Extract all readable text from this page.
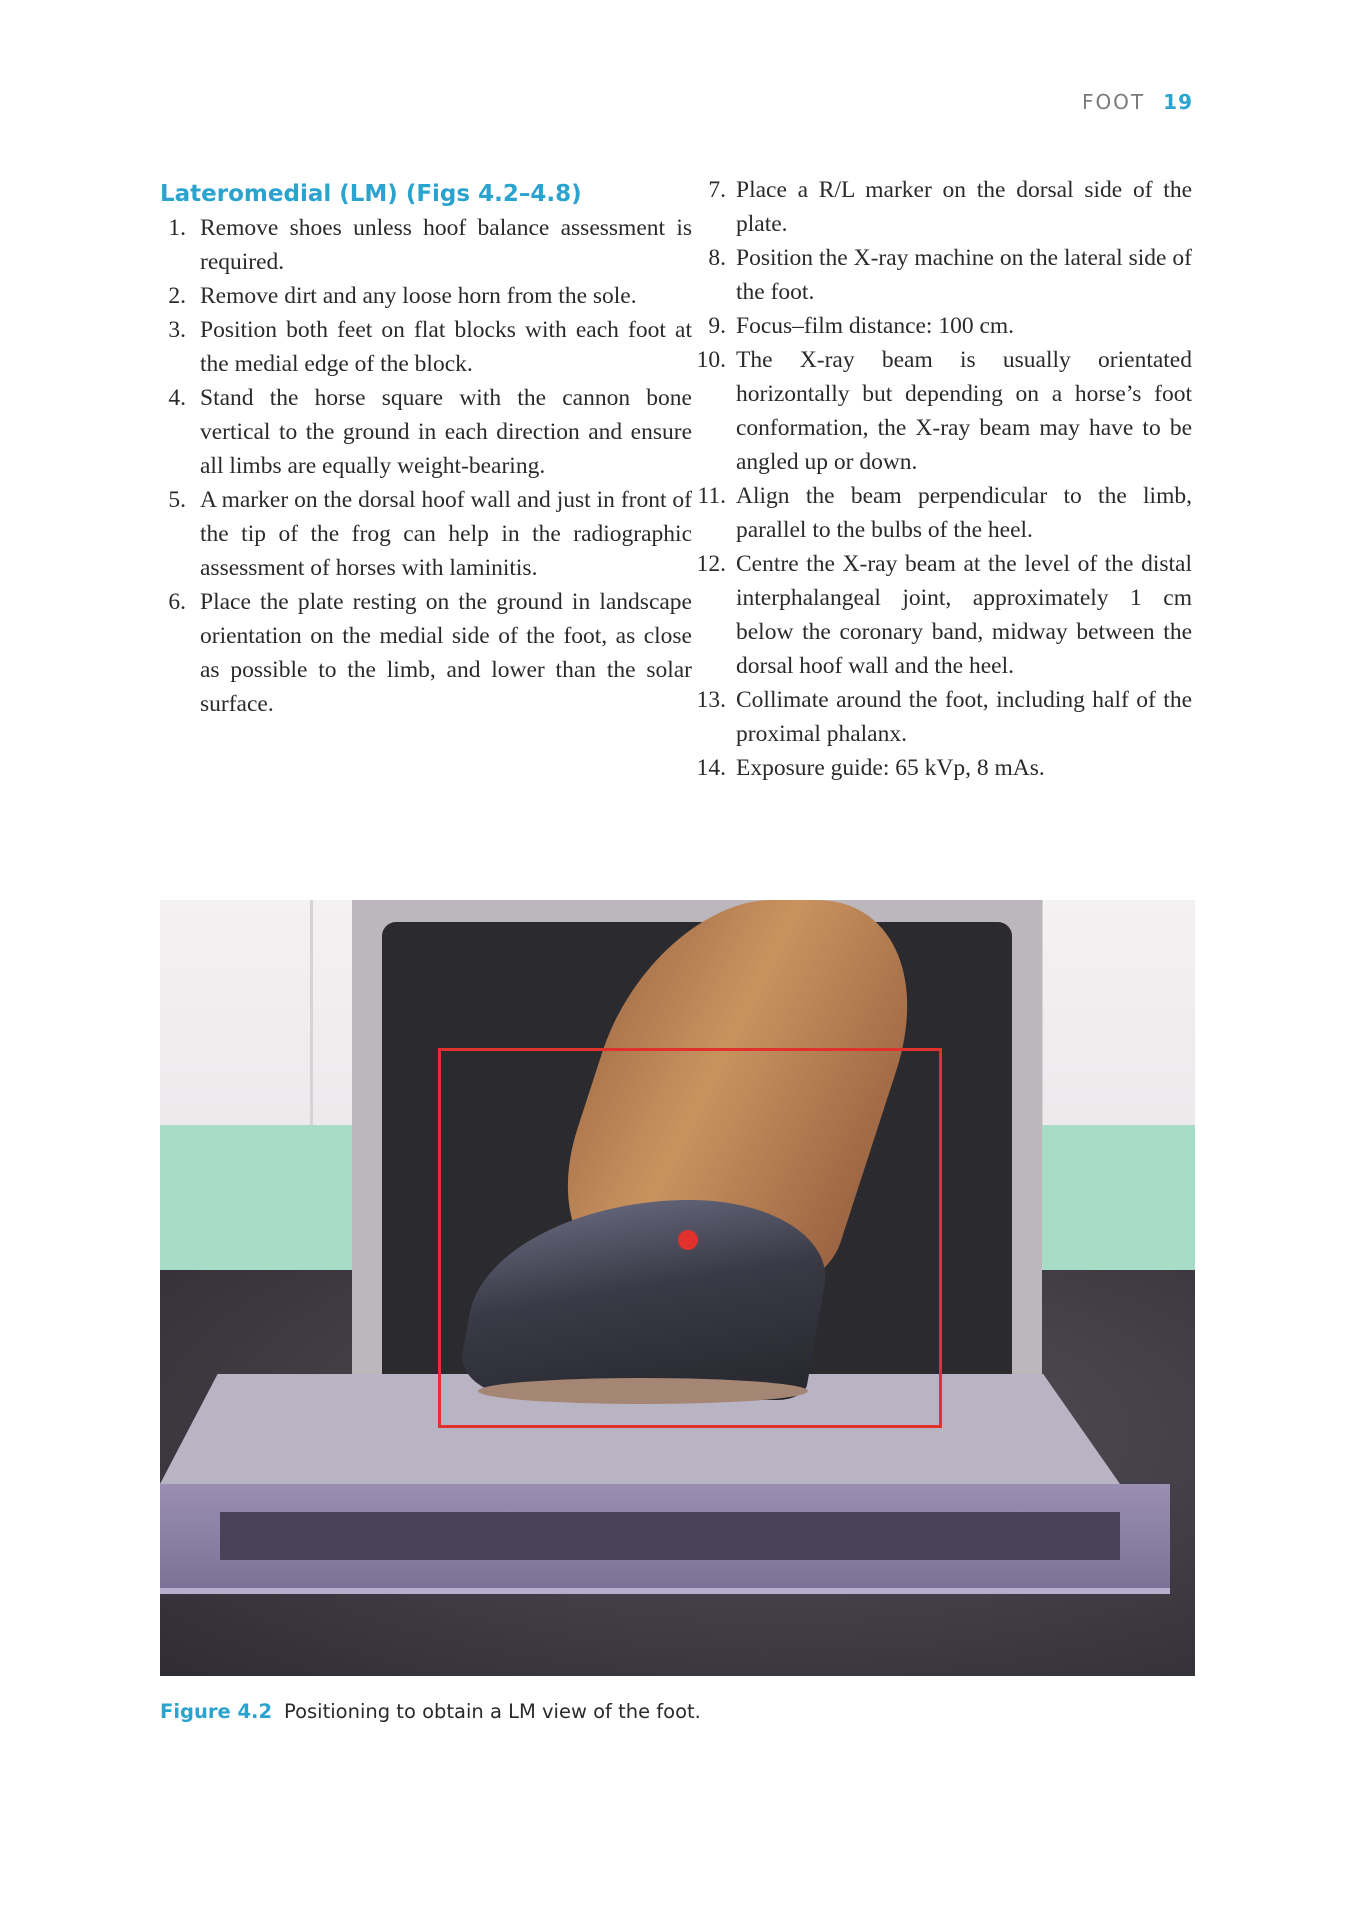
FOOT 19
Lateromedial (LM) (Figs 4.2–4.8)
1. Remove shoes unless hoof balance assessment is required.
2. Remove dirt and any loose horn from the sole.
3. Position both feet on flat blocks with each foot at the medial edge of the block.
4. Stand the horse square with the cannon bone vertical to the ground in each direction and ensure all limbs are equally weight-bearing.
5. A marker on the dorsal hoof wall and just in front of the tip of the frog can help in the radiographic assessment of horses with laminitis.
6. Place the plate resting on the ground in landscape orientation on the medial side of the foot, as close as possible to the limb, and lower than the solar surface.
7. Place a R/L marker on the dorsal side of the plate.
8. Position the X-ray machine on the lateral side of the foot.
9. Focus–film distance: 100 cm.
10. The X-ray beam is usually orientated horizontally but depending on a horse’s foot conformation, the X-ray beam may have to be angled up or down.
11. Align the beam perpendicular to the limb, parallel to the bulbs of the heel.
12. Centre the X-ray beam at the level of the distal interphalangeal joint, approximately 1 cm below the coronary band, midway between the dorsal hoof wall and the heel.
13. Collimate around the foot, including half of the proximal phalanx.
14. Exposure guide: 65 kVp, 8 mAs.
Figure 4.2 Positioning to obtain a LM view of the foot.
